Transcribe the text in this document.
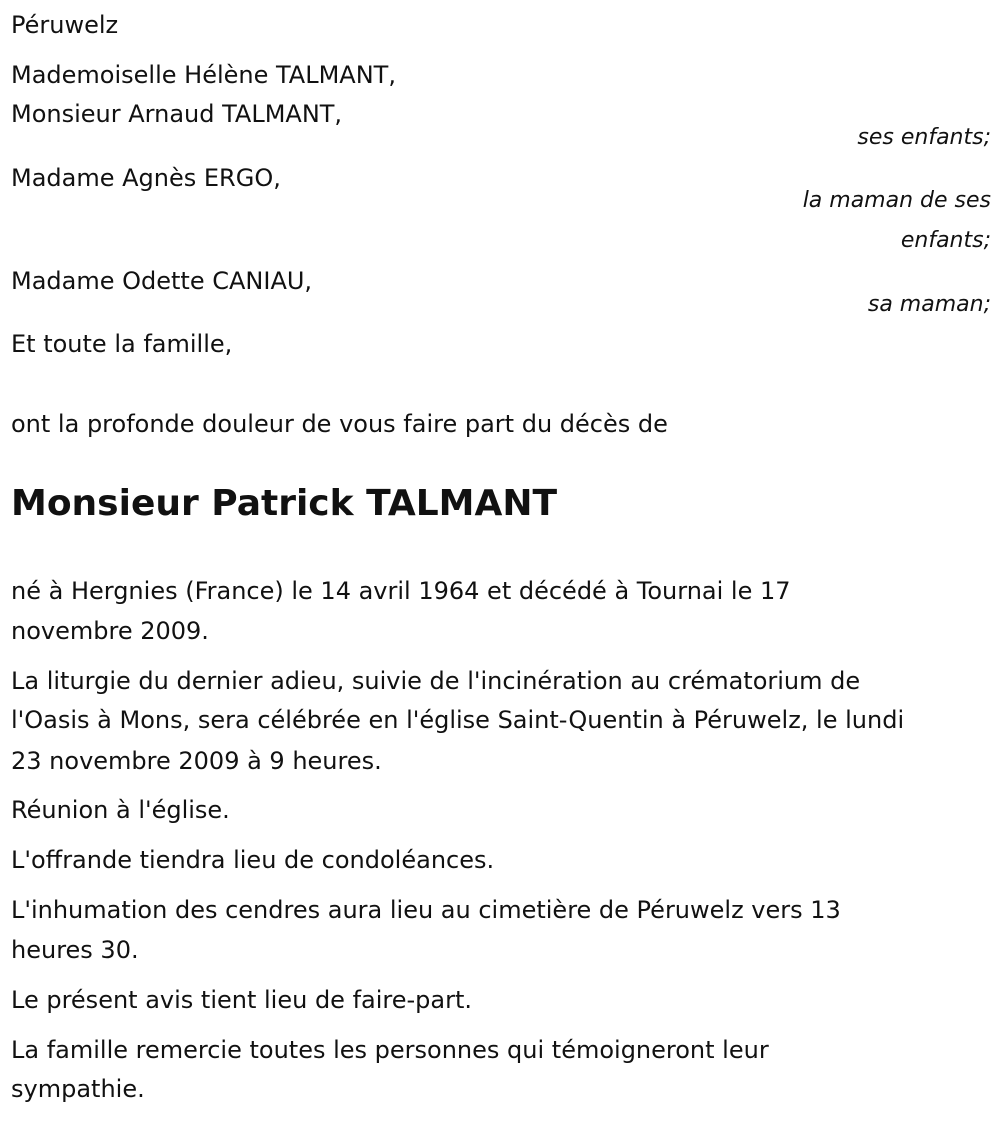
Péruwelz
Mademoiselle Hélène TALMANT,
Monsieur Arnaud TALMANT,
ses enfants;
Madame Agnès ERGO,
la maman de ses
enfants;
Madame Odette CANIAU,
sa maman;
Et toute la famille,
ont la profonde douleur de vous faire part du décès de
Monsieur Patrick TALMANT
né à Hergnies (France) le 14 avril 1964 et décédé à Tournai le 17
novembre 2009.
La liturgie du dernier adieu, suivie de l'incinération au crématorium de
l'Oasis à Mons, sera célébrée en l'église Saint-Quentin à Péruwelz, le lundi
23 novembre 2009 à 9 heures.
Réunion à l'église.
L'offrande tiendra lieu de condoléances.
L'inhumation des cendres aura lieu au cimetière de Péruwelz vers 13
heures 30.
Le présent avis tient lieu de faire-part.
La famille remercie toutes les personnes qui témoigneront leur
sympathie.
